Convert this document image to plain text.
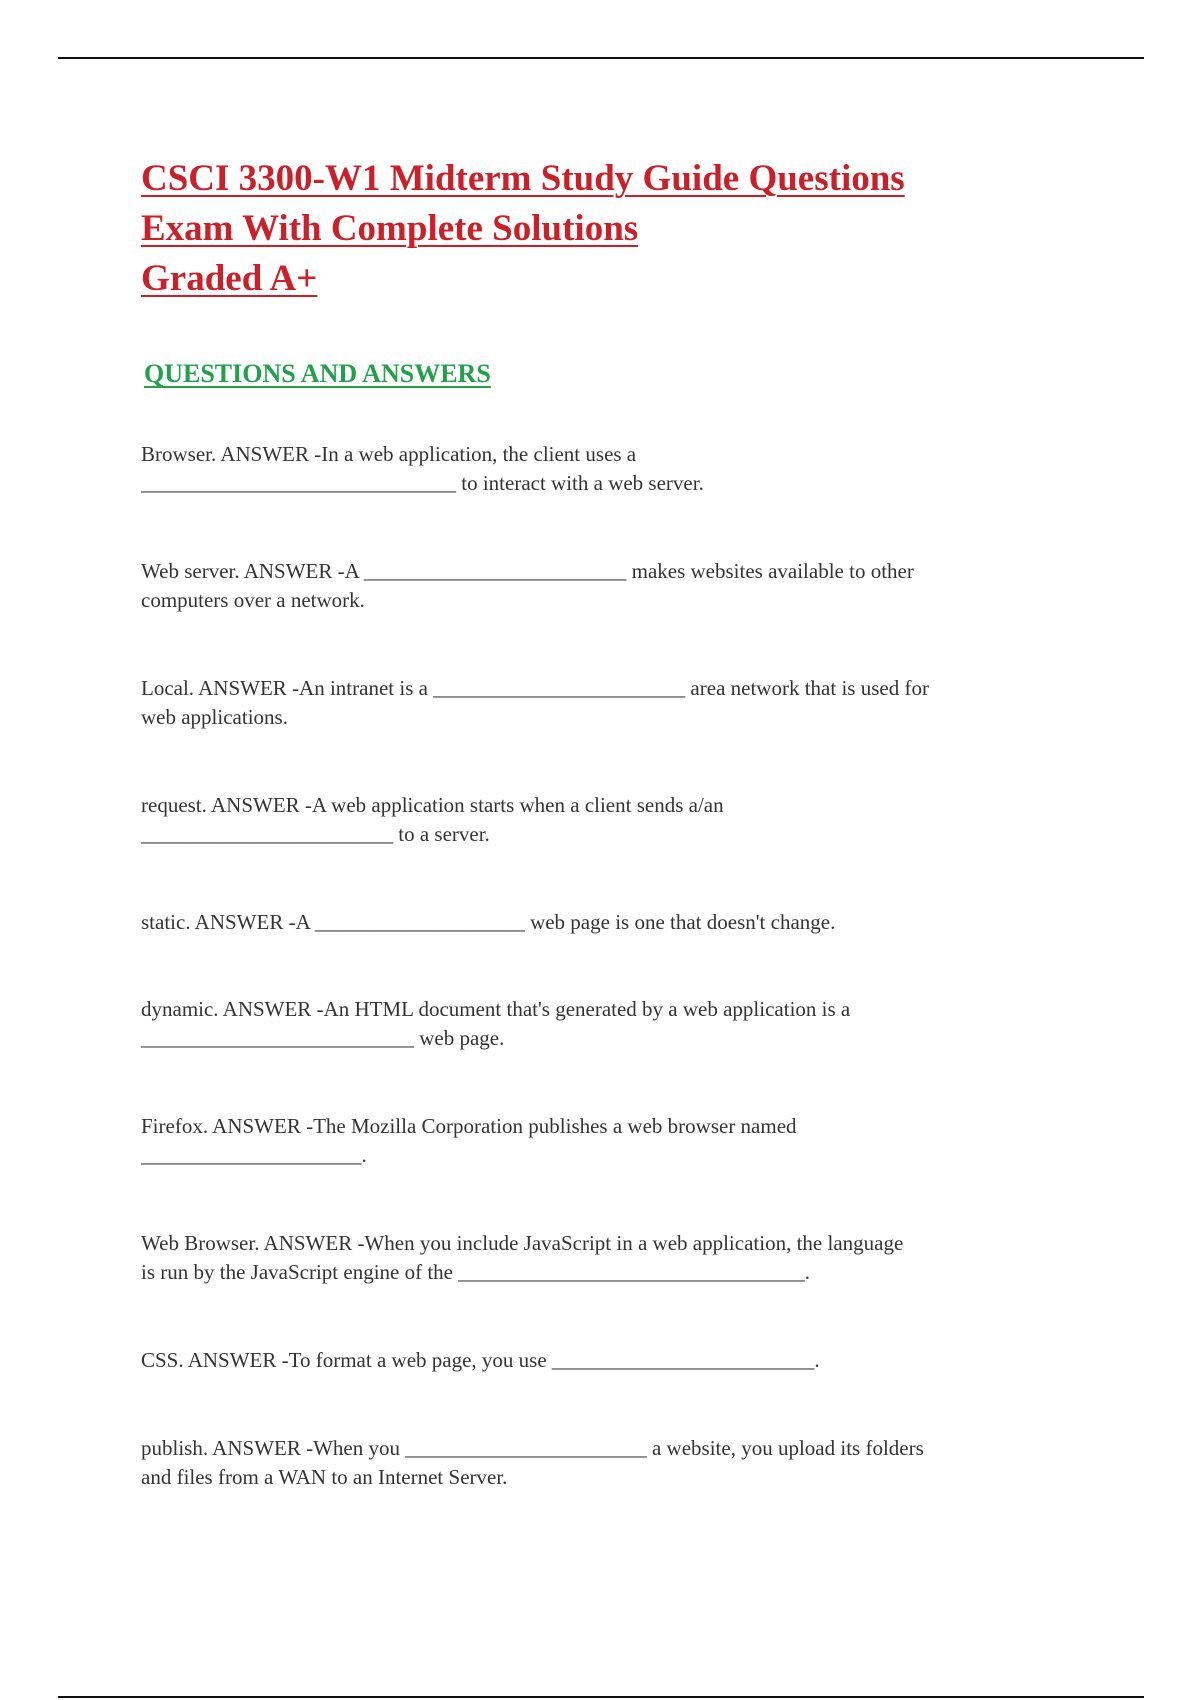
CSCI 3300-W1 Midterm Study Guide Questions
Exam With Complete Solutions
Graded A+
QUESTIONS AND ANSWERS
Browser. ANSWER -In a web application, the client uses a
______________________________ to interact with a web server.
Web server. ANSWER -A _________________________ makes websites available to other
computers over a network.
Local. ANSWER -An intranet is a ________________________ area network that is used for
web applications.
request. ANSWER -A web application starts when a client sends a/an
________________________ to a server.
static. ANSWER -A ____________________ web page is one that doesn't change.
dynamic. ANSWER -An HTML document that's generated by a web application is a
__________________________ web page.
Firefox. ANSWER -The Mozilla Corporation publishes a web browser named
_____________________.
Web Browser. ANSWER -When you include JavaScript in a web application, the language
is run by the JavaScript engine of the _________________________________.
CSS. ANSWER -To format a web page, you use _________________________.
publish. ANSWER -When you _______________________ a website, you upload its folders
and files from a WAN to an Internet Server.
